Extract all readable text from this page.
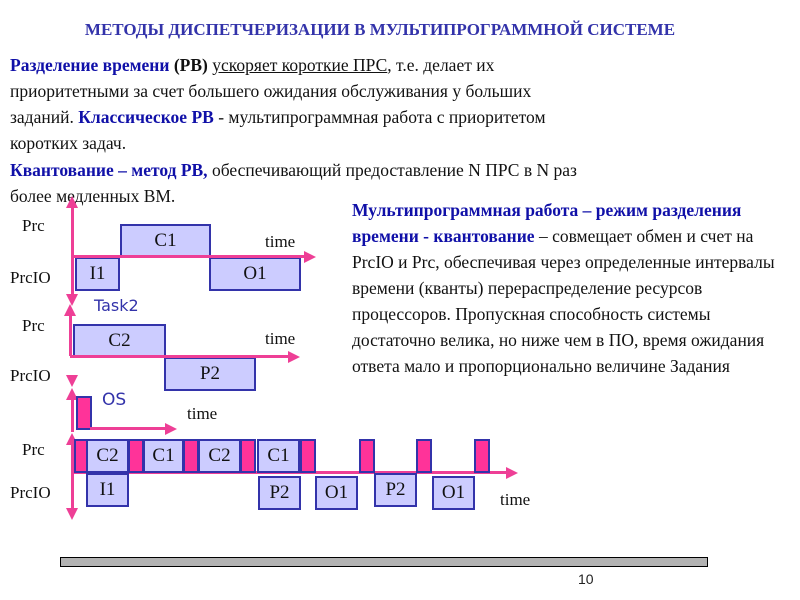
МЕТОДЫ ДИСПЕТЧЕРИЗАЦИИ В МУЛЬТИПРОГРАММНОЙ СИСТЕМЕ
Разделение времени (РВ) ускоряет короткие ПРС, т.е. делает их
приоритетными за счет большего ожидания обслуживания у больших
заданий. Классическое РВ - мультипрограммная работа с приоритетом
коротких задач.
Квантование – метод РВ, обеспечивающий предоставление N ПРС в N раз
более медленных ВМ.
Мультипрограммная работа – режим разделения времени - квантование – совмещает обмен и счет на PrcIO и Prc, обеспечивая через определенные интервалы времени (кванты) перераспределение ресурсов процессоров. Пропускная способность системы достаточно велика, но ниже чем в ПО, время ожидания ответа мало и пропорционально величине Задания
Prc
PrcIO
C1
I1	O1
time
Task2
Prc
PrcIO
C2
P2
time
OS
time
Prc
PrcIO	time
C2	C1	C2	C1
I1	P2	O1	P2	O1
10
